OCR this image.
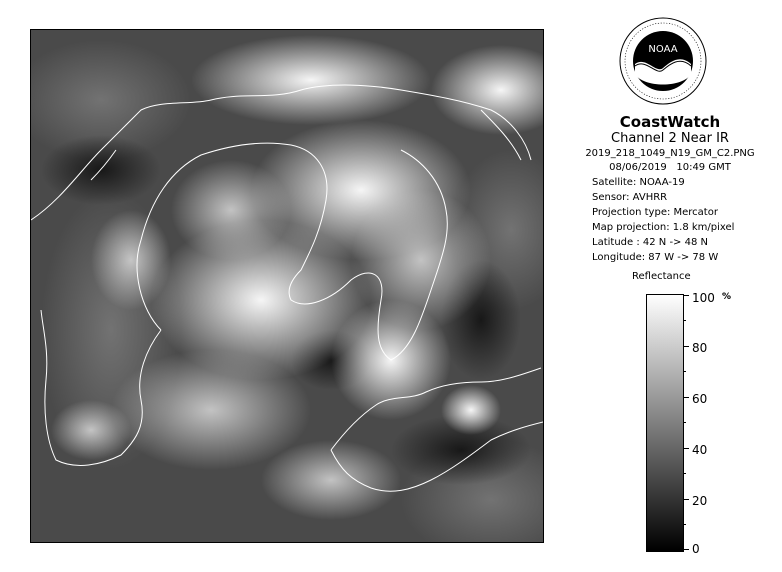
NOAA
CoastWatch
Channel 2 Near IR
2019_218_1049_N19_GM_C2.PNG
08/06/2019 10:49 GMT
Satellite: NOAA-19
Sensor: AVHRR
Projection type: Mercator
Map projection: 1.8 km/pixel
Latitude : 42 N -> 48 N
Longitude: 87 W -> 78 W
Reflectance
%
100
80
60
40
20
0
